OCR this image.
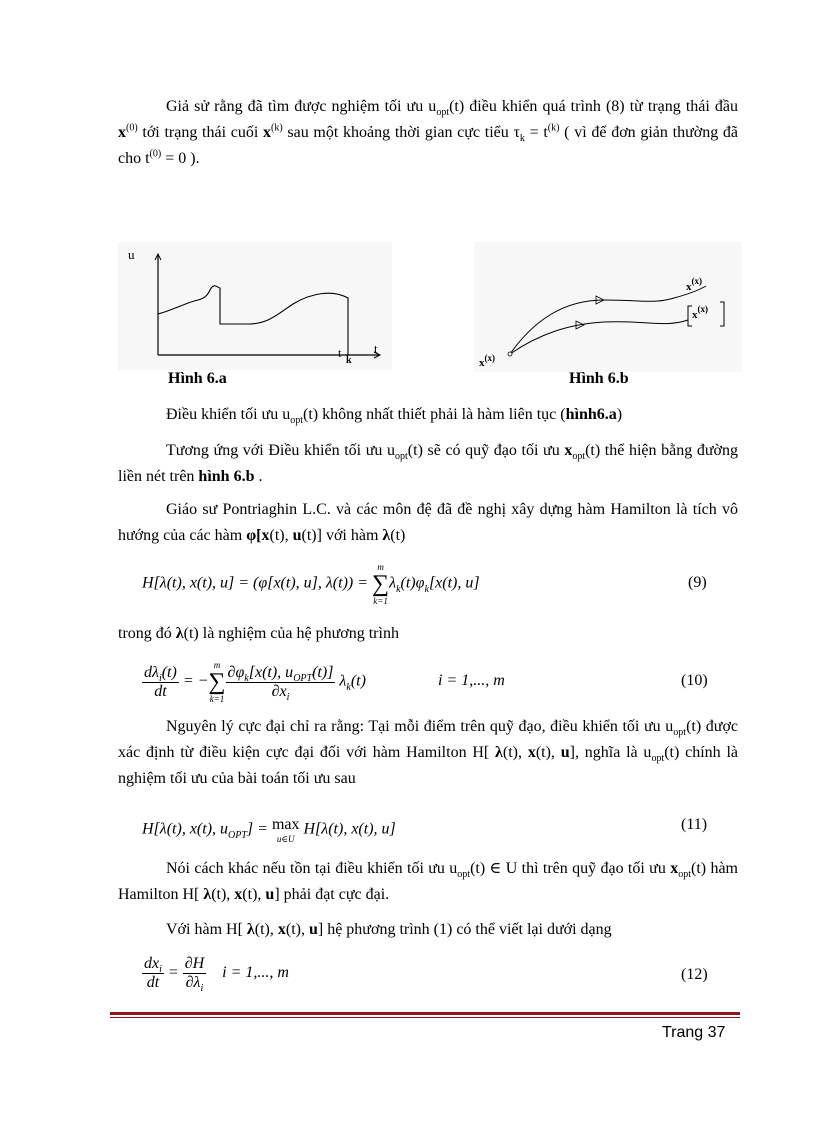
Giả sử rằng đã tìm được nghiệm tối ưu $u_{opt}(t)$ điều khiển quá trình (8) từ trạng thái đầu $x^{(0)}$ tới trạng thái cuối $x^{(k)}$ sau một khoảng thời gian cực tiểu $\tau_k = t^{(k)}$ ( vì để đơn giản thường đã cho $t^{(0)} = 0$ ).

u
t
t
k
Hình 6.a
$x^{(x)}$
$x^{(x)}$
$x^{(x)}$
Hình 6.b

Điều khiển tối ưu $u_{opt}(t)$ không nhất thiết phải là hàm liên tục (hình6.a)

Tương ứng với Điều khiển tối ưu $u_{opt}(t)$ sẽ có quỹ đạo tối ưu $x_{opt}(t)$ thể hiện bằng đường liền nét trên hình 6.b .

Giáo sư Pontriaghin L.C. và các môn đệ đã đề nghị xây dựng hàm Hamilton là tích vô hướng của các hàm φ[x(t), u(t)] với hàm λ(t)

H[λ(t), x(t), u] = (φ[x(t), u], λ(t)) =
m
∑
k=1
$\lambda_k(t)\varphi_k[x(t)$, u]	(9)

trong đó λ(t) là nghiệm của hệ phương trình

$\frac{d\lambda_i(t)}{dt}$ = −
m
∑
$k=1 \frac{\partial\varphi_k[x(t), u_{OPT}(t)]}{\partial x_i} \lambda_k(t)$	i = 1,..., m	(10)

Nguyên lý cực đại chỉ ra rằng: Tại mỗi điểm trên quỹ đạo, điều khiển tối ưu $u_{opt}(t)$ được xác định từ điều kiện cực đại đối với hàm Hamilton H[ λ(t), x(t), u], nghĩa là $u_{opt}(t)$ chính là nghiệm tối ưu của bài toán tối ưu sau

H[λ(t), x(t), $u_{OPT}] = \max$
u∈U
H[λ(t), x(t), u]	(11)

Nói cách khác nếu tồn tại điều khiển tối ưu $u_{opt}(t)$ ∈ U thì trên quỹ đạo tối ưu $x_{opt}(t)$ hàm Hamilton H[ λ(t), x(t), u] phải đạt cực đại.

Với hàm H[ λ(t), x(t), u] hệ phương trình (1) có thể viết lại dưới dạng

$\frac{dx_i}{dt} = \frac{\partial H}{\partial\lambda_i}$ i = 1,..., m	(12)
Trang 37
